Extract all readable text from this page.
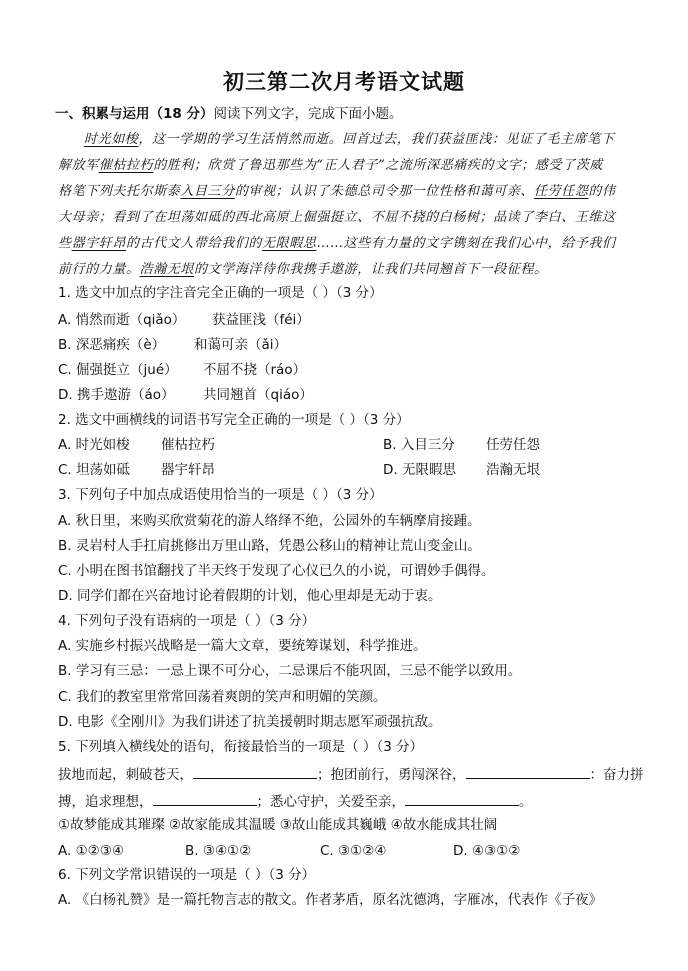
初三第二次月考语文试题
一、积累与运用（18 分）阅读下列文字，完成下面小题。
时光如梭，这一学期的学习生活悄然而逝。回首过去，我们获益匪浅：见证了毛主席笔下
解放军催枯拉朽的胜利；欣赏了鲁迅那些为“正人君子”之流所深恶痛疾的文字；感受了茨威
格笔下列夫托尔斯泰入目三分的审视；认识了朱德总司令那一位性格和蔼可亲、任劳任怨的伟
大母亲；看到了在坦荡如砥的西北高原上倔强挺立、不屈不挠的白杨树；品读了李白、王维这
些器宇轩昂的古代文人带给我们的无限暇思……这些有力量的文字镌刻在我们心中，给予我们
前行的力量。浩瀚无垠的文学海洋待你我携手遨游，让我们共同翘首下一段征程。
1. 选文中加点的字注音完全正确的一项是（ ）（3 分）
A. 悄然而逝（qiǎo） 获益匪浅（féi）
B. 深恶痛疾（è） 和蔼可亲（ǎi）
C. 倔强挺立（jué） 不屈不挠（ráo）
D. 携手遨游（áo） 共同翘首（qiáo）
2. 选文中画横线的词语书写完全正确的一项是（ ）（3 分）
A. 时光如梭 催枯拉朽	B. 入目三分 任劳任怨
C. 坦荡如砥 器宇轩昂	D. 无限暇思 浩瀚无垠
3. 下列句子中加点成语使用恰当的一项是（ ）（3 分）
A. 秋日里，来购买欣赏菊花的游人络绎不绝，公园外的车辆摩肩接踵。
B. 灵岩村人手扛肩挑修出万里山路，凭愚公移山的精神让荒山变金山。
C. 小明在图书馆翻找了半天终于发现了心仪已久的小说，可谓妙手偶得。
D. 同学们都在兴奋地讨论着假期的计划，他心里却是无动于衷。
4. 下列句子没有语病的一项是（ ）（3 分）
A. 实施乡村振兴战略是一篇大文章，要统筹谋划，科学推进。
B. 学习有三忌：一忌上课不可分心，二忌课后不能巩固，三忌不能学以致用。
C. 我们的教室里常常回荡着爽朗的笑声和明媚的笑颜。
D. 电影《全刚川》为我们讲述了抗美援朝时期志愿军顽强抗敌。
5. 下列填入横线处的语句，衔接最恰当的一项是（ ）（3 分）
拔地而起，刺破苍天，	；抱团前行，勇闯深谷，	：奋力拼
搏，追求理想，	；悉心守护，关爱至亲，	。
①故梦能成其璀璨 ②故家能成其温暖 ③故山能成其巍峨 ④故水能成其壮阔
A. ①②③④	B. ③④①②	C. ③①②④	D. ④③①②
6. 下列文学常识错误的一项是（ ）（3 分）
A. 《白杨礼赞》是一篇托物言志的散文。作者茅盾，原名沈德鸿，字雁冰，代表作《子夜》
